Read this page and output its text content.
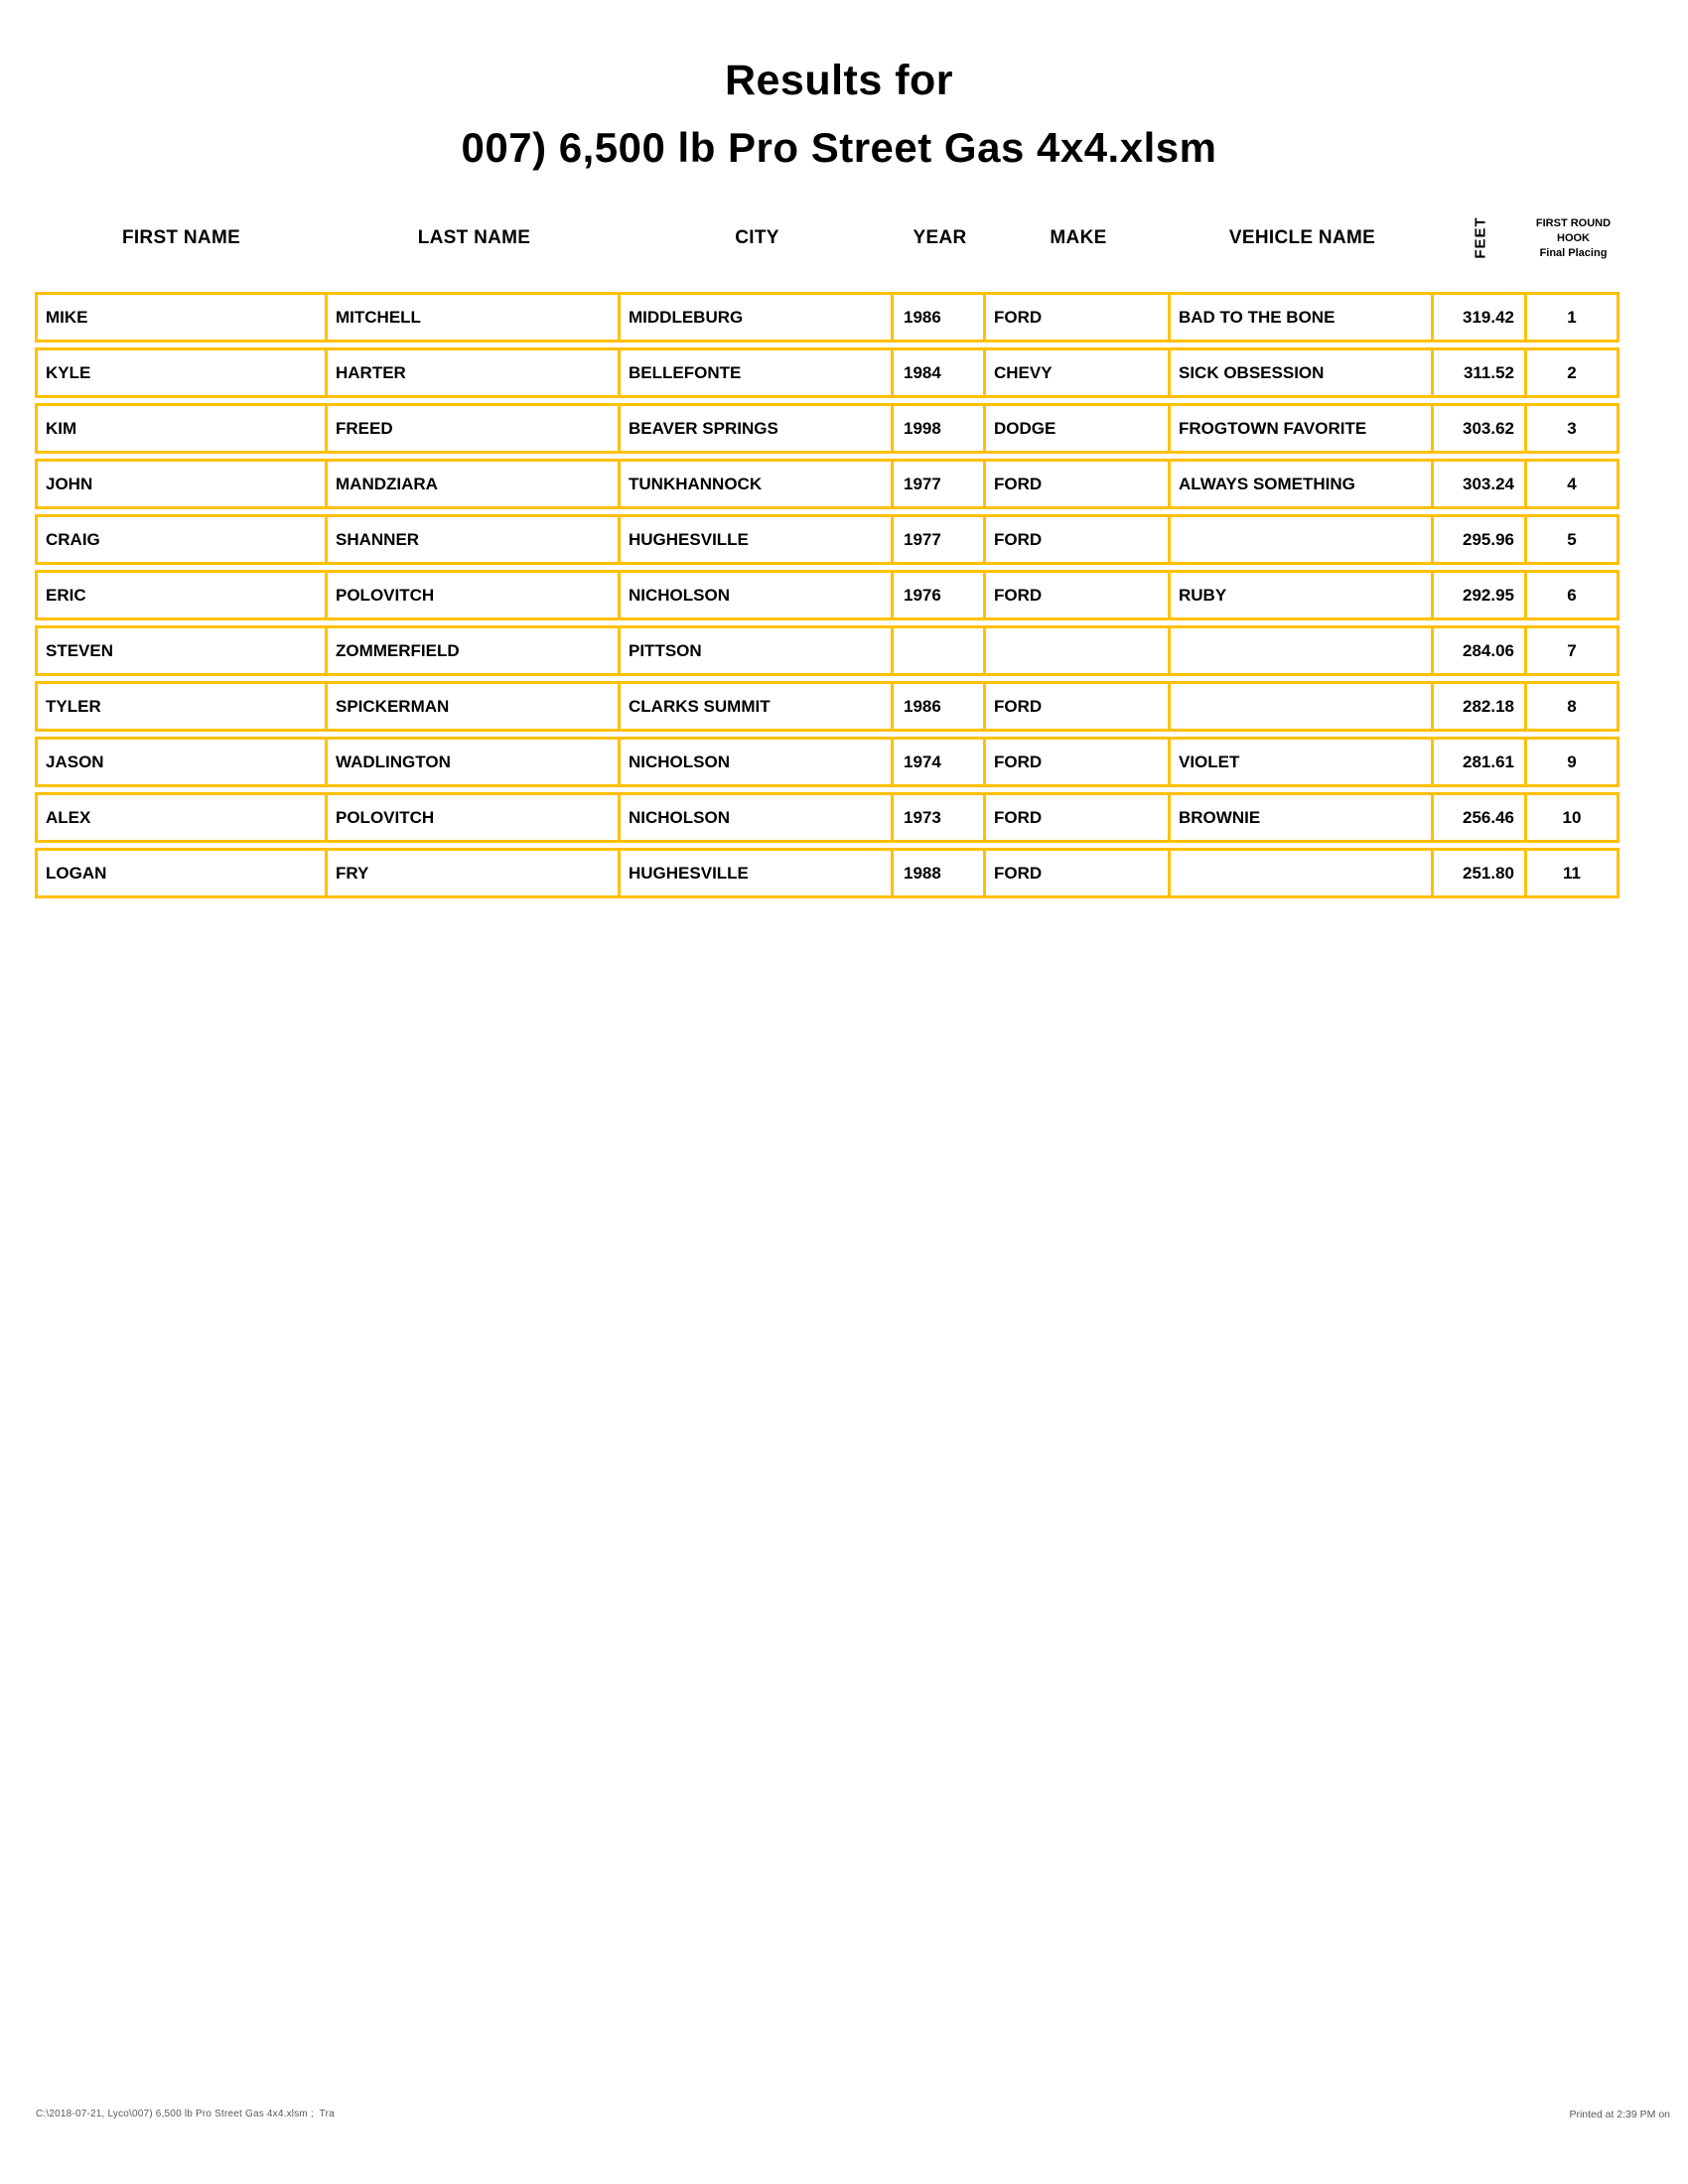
Results for
007) 6,500 lb Pro Street Gas 4x4.xlsm
FIRST NAME	LAST NAME	CITY	YEAR	MAKE	VEHICLE NAME	FEET	FIRST ROUND
HOOK
Final Placing

MIKE	MITCHELL	MIDDLEBURG	1986	FORD	BAD TO THE BONE	319.42	1
KYLE	HARTER	BELLEFONTE	1984	CHEVY	SICK OBSESSION	311.52	2
KIM	FREED	BEAVER SPRINGS	1998	DODGE	FROGTOWN FAVORITE	303.62	3
JOHN	MANDZIARA	TUNKHANNOCK	1977	FORD	ALWAYS SOMETHING	303.24	4
CRAIG	SHANNER	HUGHESVILLE	1977	FORD		295.96	5
ERIC	POLOVITCH	NICHOLSON	1976	FORD	RUBY	292.95	6
STEVEN	ZOMMERFIELD	PITTSON				284.06	7
TYLER	SPICKERMAN	CLARKS SUMMIT	1986	FORD		282.18	8
JASON	WADLINGTON	NICHOLSON	1974	FORD	VIOLET	281.61	9
ALEX	POLOVITCH	NICHOLSON	1973	FORD	BROWNIE	256.46	10
LOGAN	FRY	HUGHESVILLE	1988	FORD		251.80	11
C:\2018-07-21, Lyco\007) 6,500 lb Pro Street Gas 4x4.xlsm ;  Tra	Printed at 2:39 PM on
